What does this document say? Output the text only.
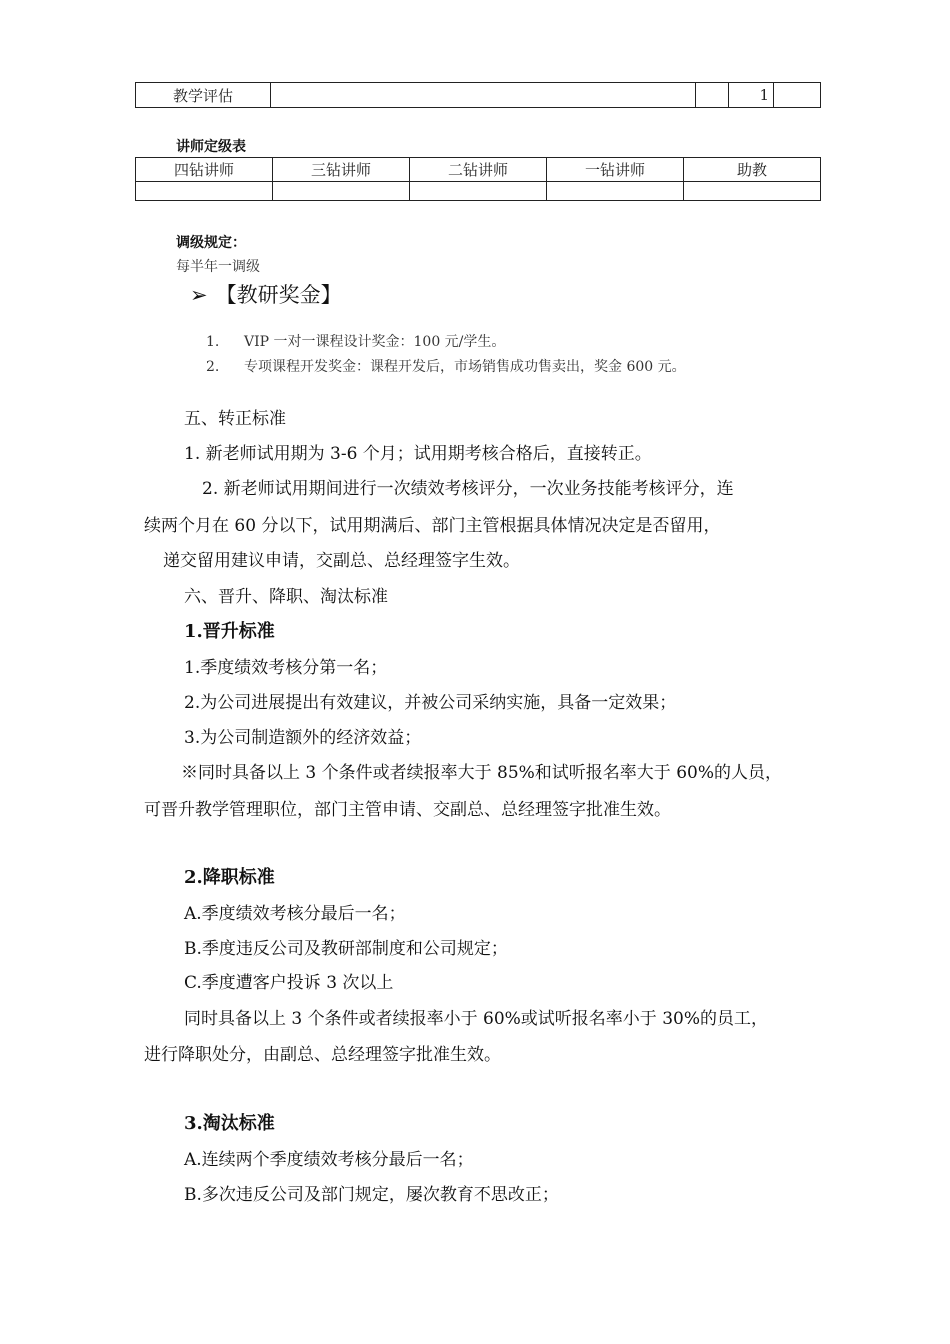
教学评估			1	
讲师定级表
四钻讲师	三钻讲师	二钻讲师	一钻讲师	助教

调级规定：
每半年一调级
➢ 【教研奖金】
1. VIP 一对一课程设计奖金：100 元/学生。
2. 专项课程开发奖金：课程开发后，市场销售成功售卖出，奖金 600 元。
五、转正标准
1. 新老师试用期为 3-6 个月；试用期考核合格后，直接转正。
2. 新老师试用期间进行一次绩效考核评分，一次业务技能考核评分，连
续两个月在 60 分以下，试用期满后、部门主管根据具体情况决定是否留用，
递交留用建议申请，交副总、总经理签字生效。
六、晋升、降职、淘汰标准
1.晋升标准
1.季度绩效考核分第一名；
2.为公司进展提出有效建议，并被公司采纳实施，具备一定效果；
3.为公司制造额外的经济效益；
※同时具备以上 3 个条件或者续报率大于 85%和试听报名率大于 60%的人员，
可晋升教学管理职位，部门主管申请、交副总、总经理签字批准生效。
2.降职标准
A.季度绩效考核分最后一名；
B.季度违反公司及教研部制度和公司规定；
C.季度遭客户投诉 3 次以上
同时具备以上 3 个条件或者续报率小于 60%或试听报名率小于 30%的员工，
进行降职处分，由副总、总经理签字批准生效。
3.淘汰标准
A.连续两个季度绩效考核分最后一名；
B.多次违反公司及部门规定，屡次教育不思改正；
